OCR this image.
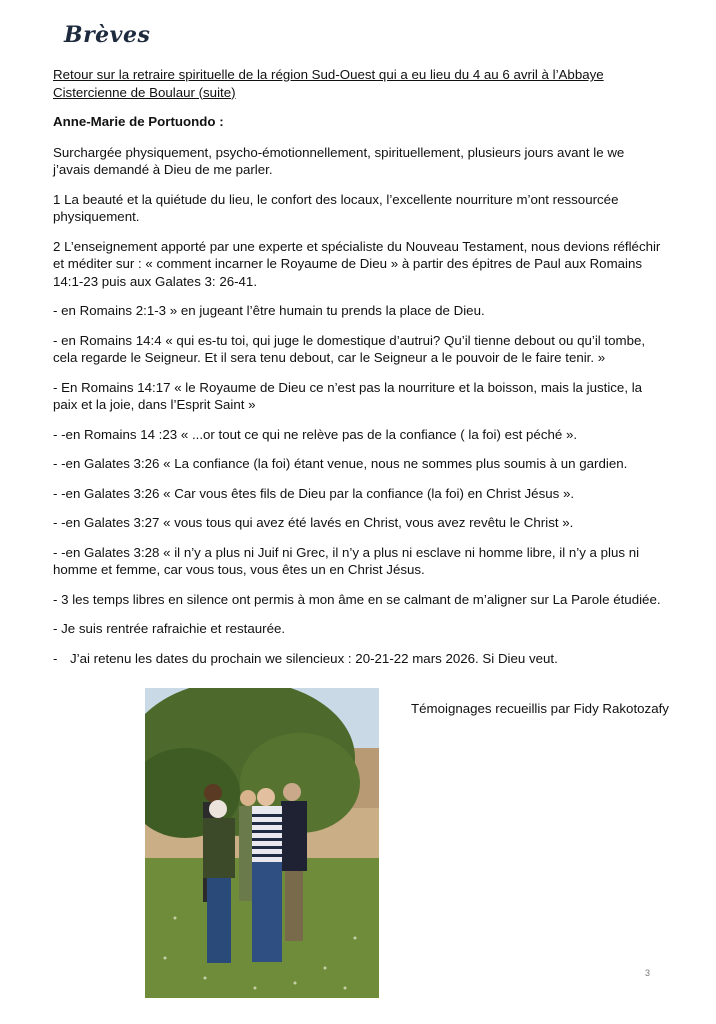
Brèves

Retour sur la retraire spirituelle de la région Sud-Ouest qui a eu lieu du 4 au 6 avril à l’Abbaye Cistercienne de Boulaur (suite)

Anne-Marie de Portuondo :

Surchargée physiquement, psycho-émotionnellement, spirituellement, plusieurs jours avant le we j’avais demandé à Dieu de me parler.

1 La beauté et la quiétude du lieu, le confort des locaux, l’excellente nourriture m’ont ressourcée physiquement.

2 L’enseignement apporté par une experte et spécialiste du Nouveau Testament, nous devions réfléchir et méditer sur : « comment incarner le Royaume de Dieu » à partir des épitres de Paul aux Romains 14:1-23 puis aux Galates 3: 26-41.

- en Romains 2:1-3 » en jugeant l’être humain tu prends la place de Dieu.

- en Romains 14:4 « qui es-tu toi, qui juge le domestique d’autrui? Qu’il tienne debout ou qu’il tombe, cela regarde le Seigneur. Et il sera tenu debout, car le Seigneur a le pouvoir de le faire tenir. »

- En Romains 14:17 « le Royaume de Dieu ce n’est pas la nourriture et la boisson, mais la justice, la paix et la joie, dans l’Esprit Saint »

- -en Romains 14 :23 « ...or tout ce qui ne relève pas de la confiance ( la foi) est péché ».

- -en Galates 3:26 « La confiance (la foi) étant venue, nous ne sommes plus soumis à un gardien.

- -en Galates 3:26 « Car vous êtes fils de Dieu par la confiance (la foi) en Christ Jésus ».

- -en Galates 3:27 « vous tous qui avez été lavés en Christ, vous avez revêtu le Christ ».

- -en Galates 3:28 « il n’y a plus ni Juif ni Grec, il n’y a plus ni esclave ni homme libre, il n’y a plus ni homme et femme, car vous tous, vous êtes un en Christ Jésus.

- 3 les temps libres en silence ont permis à mon âme en se calmant de m’aligner sur La Parole étudiée.

- Je suis rentrée rafraichie et restaurée.

- J’ai retenu les dates du prochain we silencieux : 20-21-22 mars 2026. Si Dieu veut.

Témoignages recueillis par Fidy Rakotozafy
3
